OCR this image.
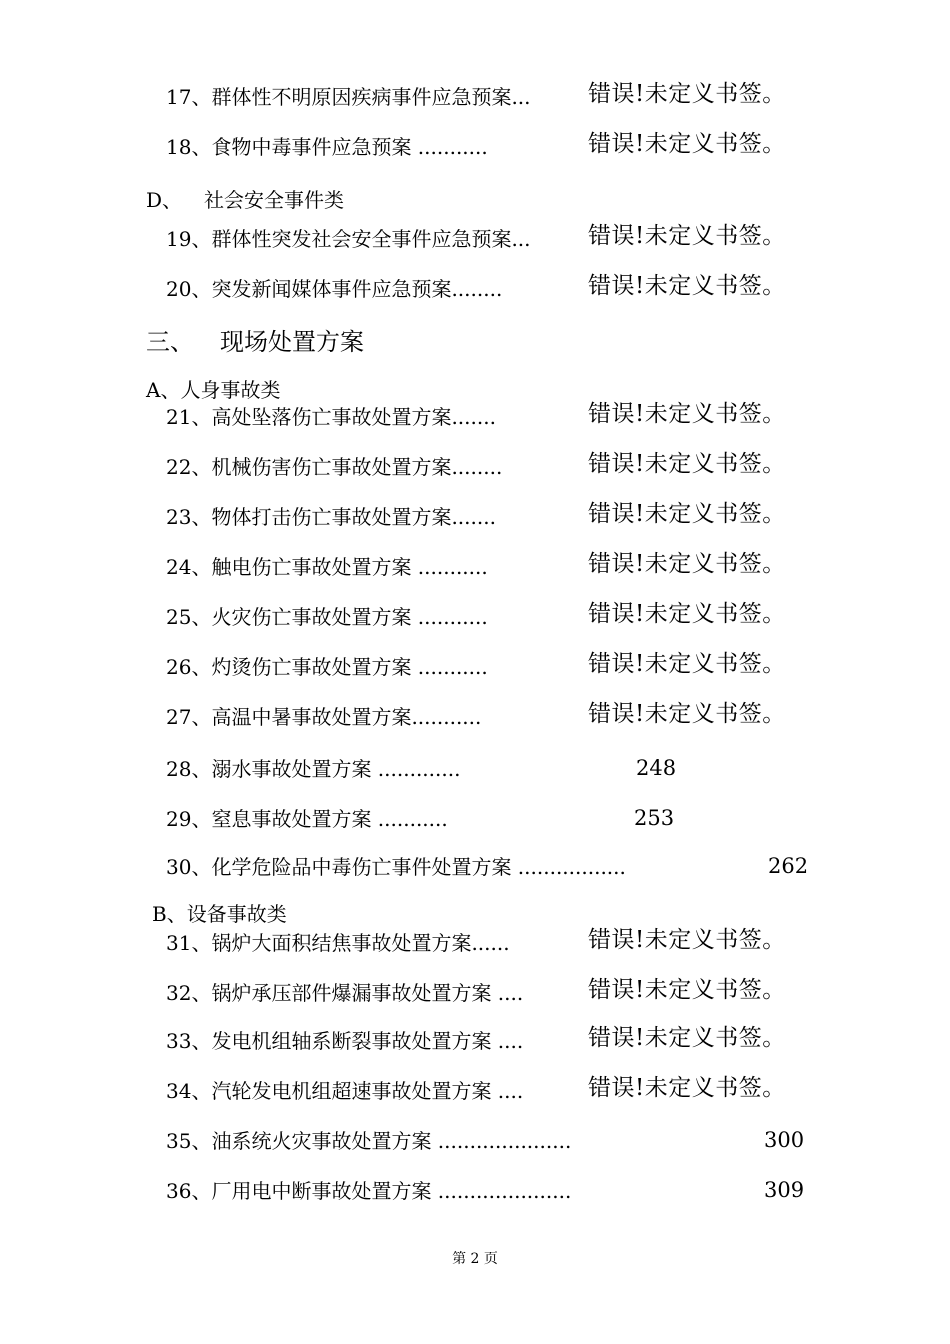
17、群体性不明原因疾病事件应急预案... 错误!未定义书签。
18、食物中毒事件应急预案 ...........	错误!未定义书签。
D、 社会安全事件类
19、群体性突发社会安全事件应急预案... 错误!未定义书签。
20、突发新闻媒体事件应急预案........	错误!未定义书签。
三、 现场处置方案
A、人身事故类
21、高处坠落伤亡事故处置方案.......	错误!未定义书签。
22、机械伤害伤亡事故处置方案........	错误!未定义书签。
23、物体打击伤亡事故处置方案.......	错误!未定义书签。
24、触电伤亡事故处置方案 ...........	错误!未定义书签。
25、火灾伤亡事故处置方案 ...........	错误!未定义书签。
26、灼烫伤亡事故处置方案 ...........	错误!未定义书签。
27、高温中暑事故处置方案...........	错误!未定义书签。
28、溺水事故处置方案 .............	248
29、窒息事故处置方案 ...........	253
30、化学危险品中毒伤亡事件处置方案 .................	262
B、设备事故类
31、锅炉大面积结焦事故处置方案......	错误!未定义书签。
32、锅炉承压部件爆漏事故处置方案 ....	错误!未定义书签。
33、发电机组轴系断裂事故处置方案 ....	错误!未定义书签。
34、汽轮发电机组超速事故处置方案 ....	错误!未定义书签。
35、油系统火灾事故处置方案 .....................	300
36、厂用电中断事故处置方案 .....................	309
第 2 页
